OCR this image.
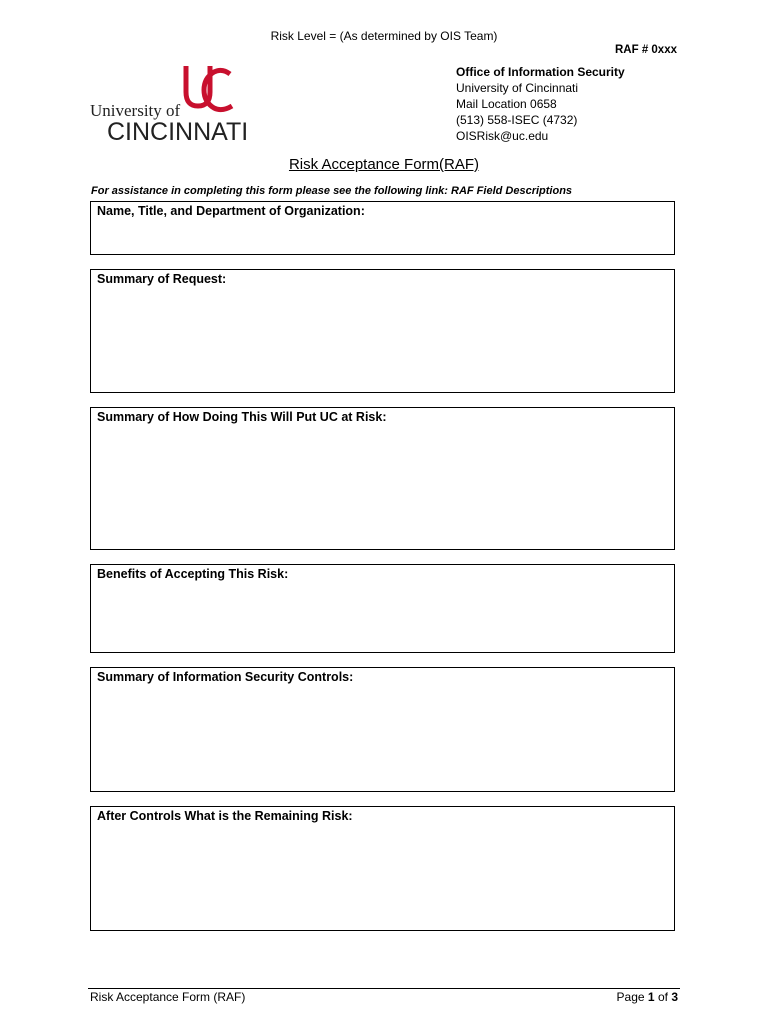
Risk Level = (As determined by OIS Team)
RAF # 0xxx
University of
CINCINNATI
Office of Information Security
University of Cincinnati
Mail Location 0658
(513) 558-ISEC (4732)
OISRisk@uc.edu
Risk Acceptance Form(RAF)
For assistance in completing this form please see the following link: RAF Field Descriptions
Name, Title, and Department of Organization:
Summary of Request:
Summary of How Doing This Will Put UC at Risk:
Benefits of Accepting This Risk:
Summary of Information Security Controls:
After Controls What is the Remaining Risk:
Risk Acceptance Form (RAF)	Page 1 of 3
